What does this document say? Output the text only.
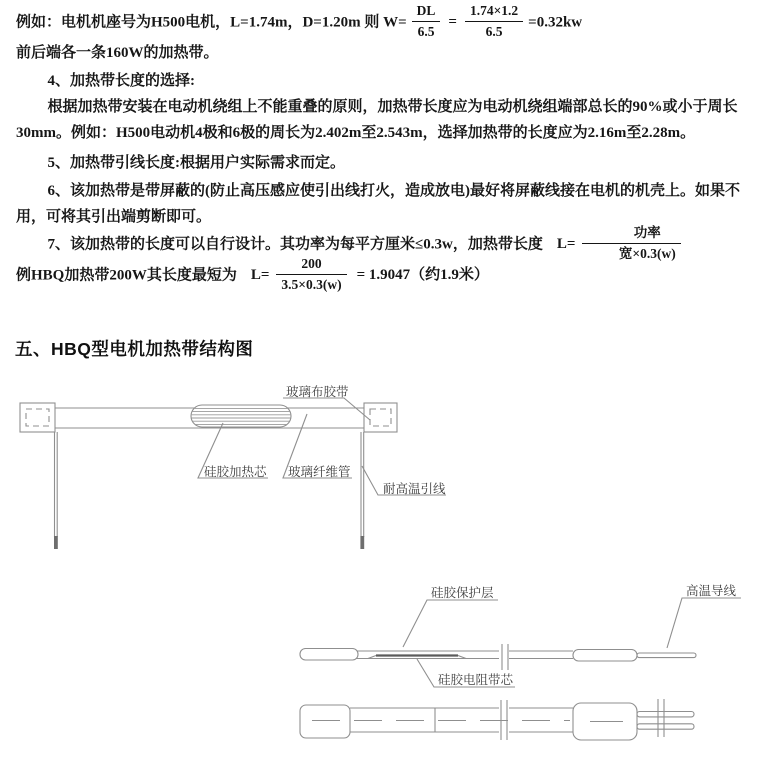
例如：电机机座号为H500电机，L=1.74m，D=1.20m 则 $W= \frac{DL}{6.5} = \frac{1.74\times 1.2}{6.5} =0.32kw$

前后端各一条160W的加热带。

4、加热带长度的选择:

根据加热带安装在电动机绕组上不能重叠的原则，加热带长度应为电动机绕组端部总长的90%或小于周长30mm。例如：H500电动机4极和6极的周长为2.402m至2.543m，选择加热带的长度应为2.16m至2.28m。

5、加热带引线长度:根据用户实际需求而定。

6、该加热带是带屏蔽的(防止高压感应使引出线打火，造成放电)最好将屏蔽线接在电机的机壳上。如果不用，可将其引出端剪断即可。

7、该加热带的长度可以自行设计。其功率为每平方厘米≤0.3w，加热带长度 $L= \frac{\text{功率}}{\text{宽×0.3(w)}}$

例HBQ加热带200W其长度最短为 $L= \frac{200}{3.5\times 0.3(w)} = 1.9047$（约1.9米）

五、HBQ型电机加热带结构图
玻璃布胶带
硅胶加热芯 玻璃纤维管
耐高温引线
硅胶保护层	高温导线
硅胶电阻带芯
